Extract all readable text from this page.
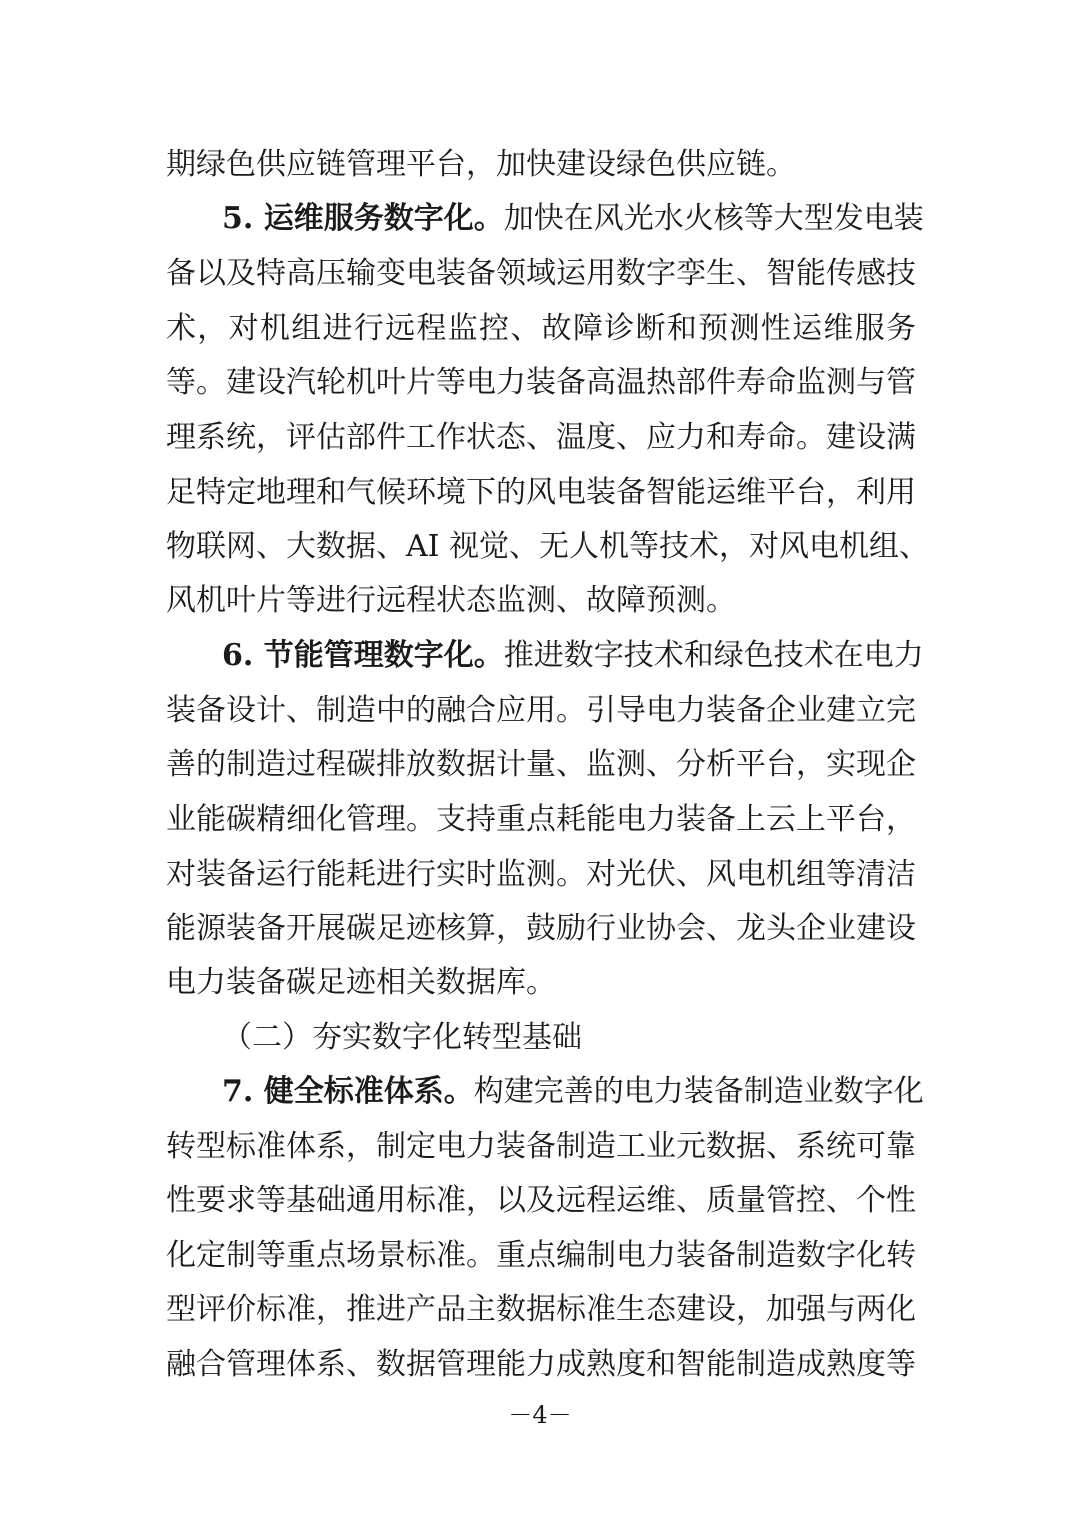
期绿色供应链管理平台，加快建设绿色供应链。
5. 运维服务数字化。加快在风光水火核等大型发电装
备以及特高压输变电装备领域运用数字孪生、智能传感技
术，对机组进行远程监控、故障诊断和预测性运维服务
等。建设汽轮机叶片等电力装备高温热部件寿命监测与管
理系统，评估部件工作状态、温度、应力和寿命。建设满
足特定地理和气候环境下的风电装备智能运维平台，利用
物联网、大数据、AI 视觉、无人机等技术，对风电机组、
风机叶片等进行远程状态监测、故障预测。
6. 节能管理数字化。推进数字技术和绿色技术在电力
装备设计、制造中的融合应用。引导电力装备企业建立完
善的制造过程碳排放数据计量、监测、分析平台，实现企
业能碳精细化管理。支持重点耗能电力装备上云上平台，
对装备运行能耗进行实时监测。对光伏、风电机组等清洁
能源装备开展碳足迹核算，鼓励行业协会、龙头企业建设
电力装备碳足迹相关数据库。
（二）夯实数字化转型基础
7. 健全标准体系。构建完善的电力装备制造业数字化
转型标准体系，制定电力装备制造工业元数据、系统可靠
性要求等基础通用标准，以及远程运维、质量管控、个性
化定制等重点场景标准。重点编制电力装备制造数字化转
型评价标准，推进产品主数据标准生态建设，加强与两化
融合管理体系、数据管理能力成熟度和智能制造成熟度等
－4－
